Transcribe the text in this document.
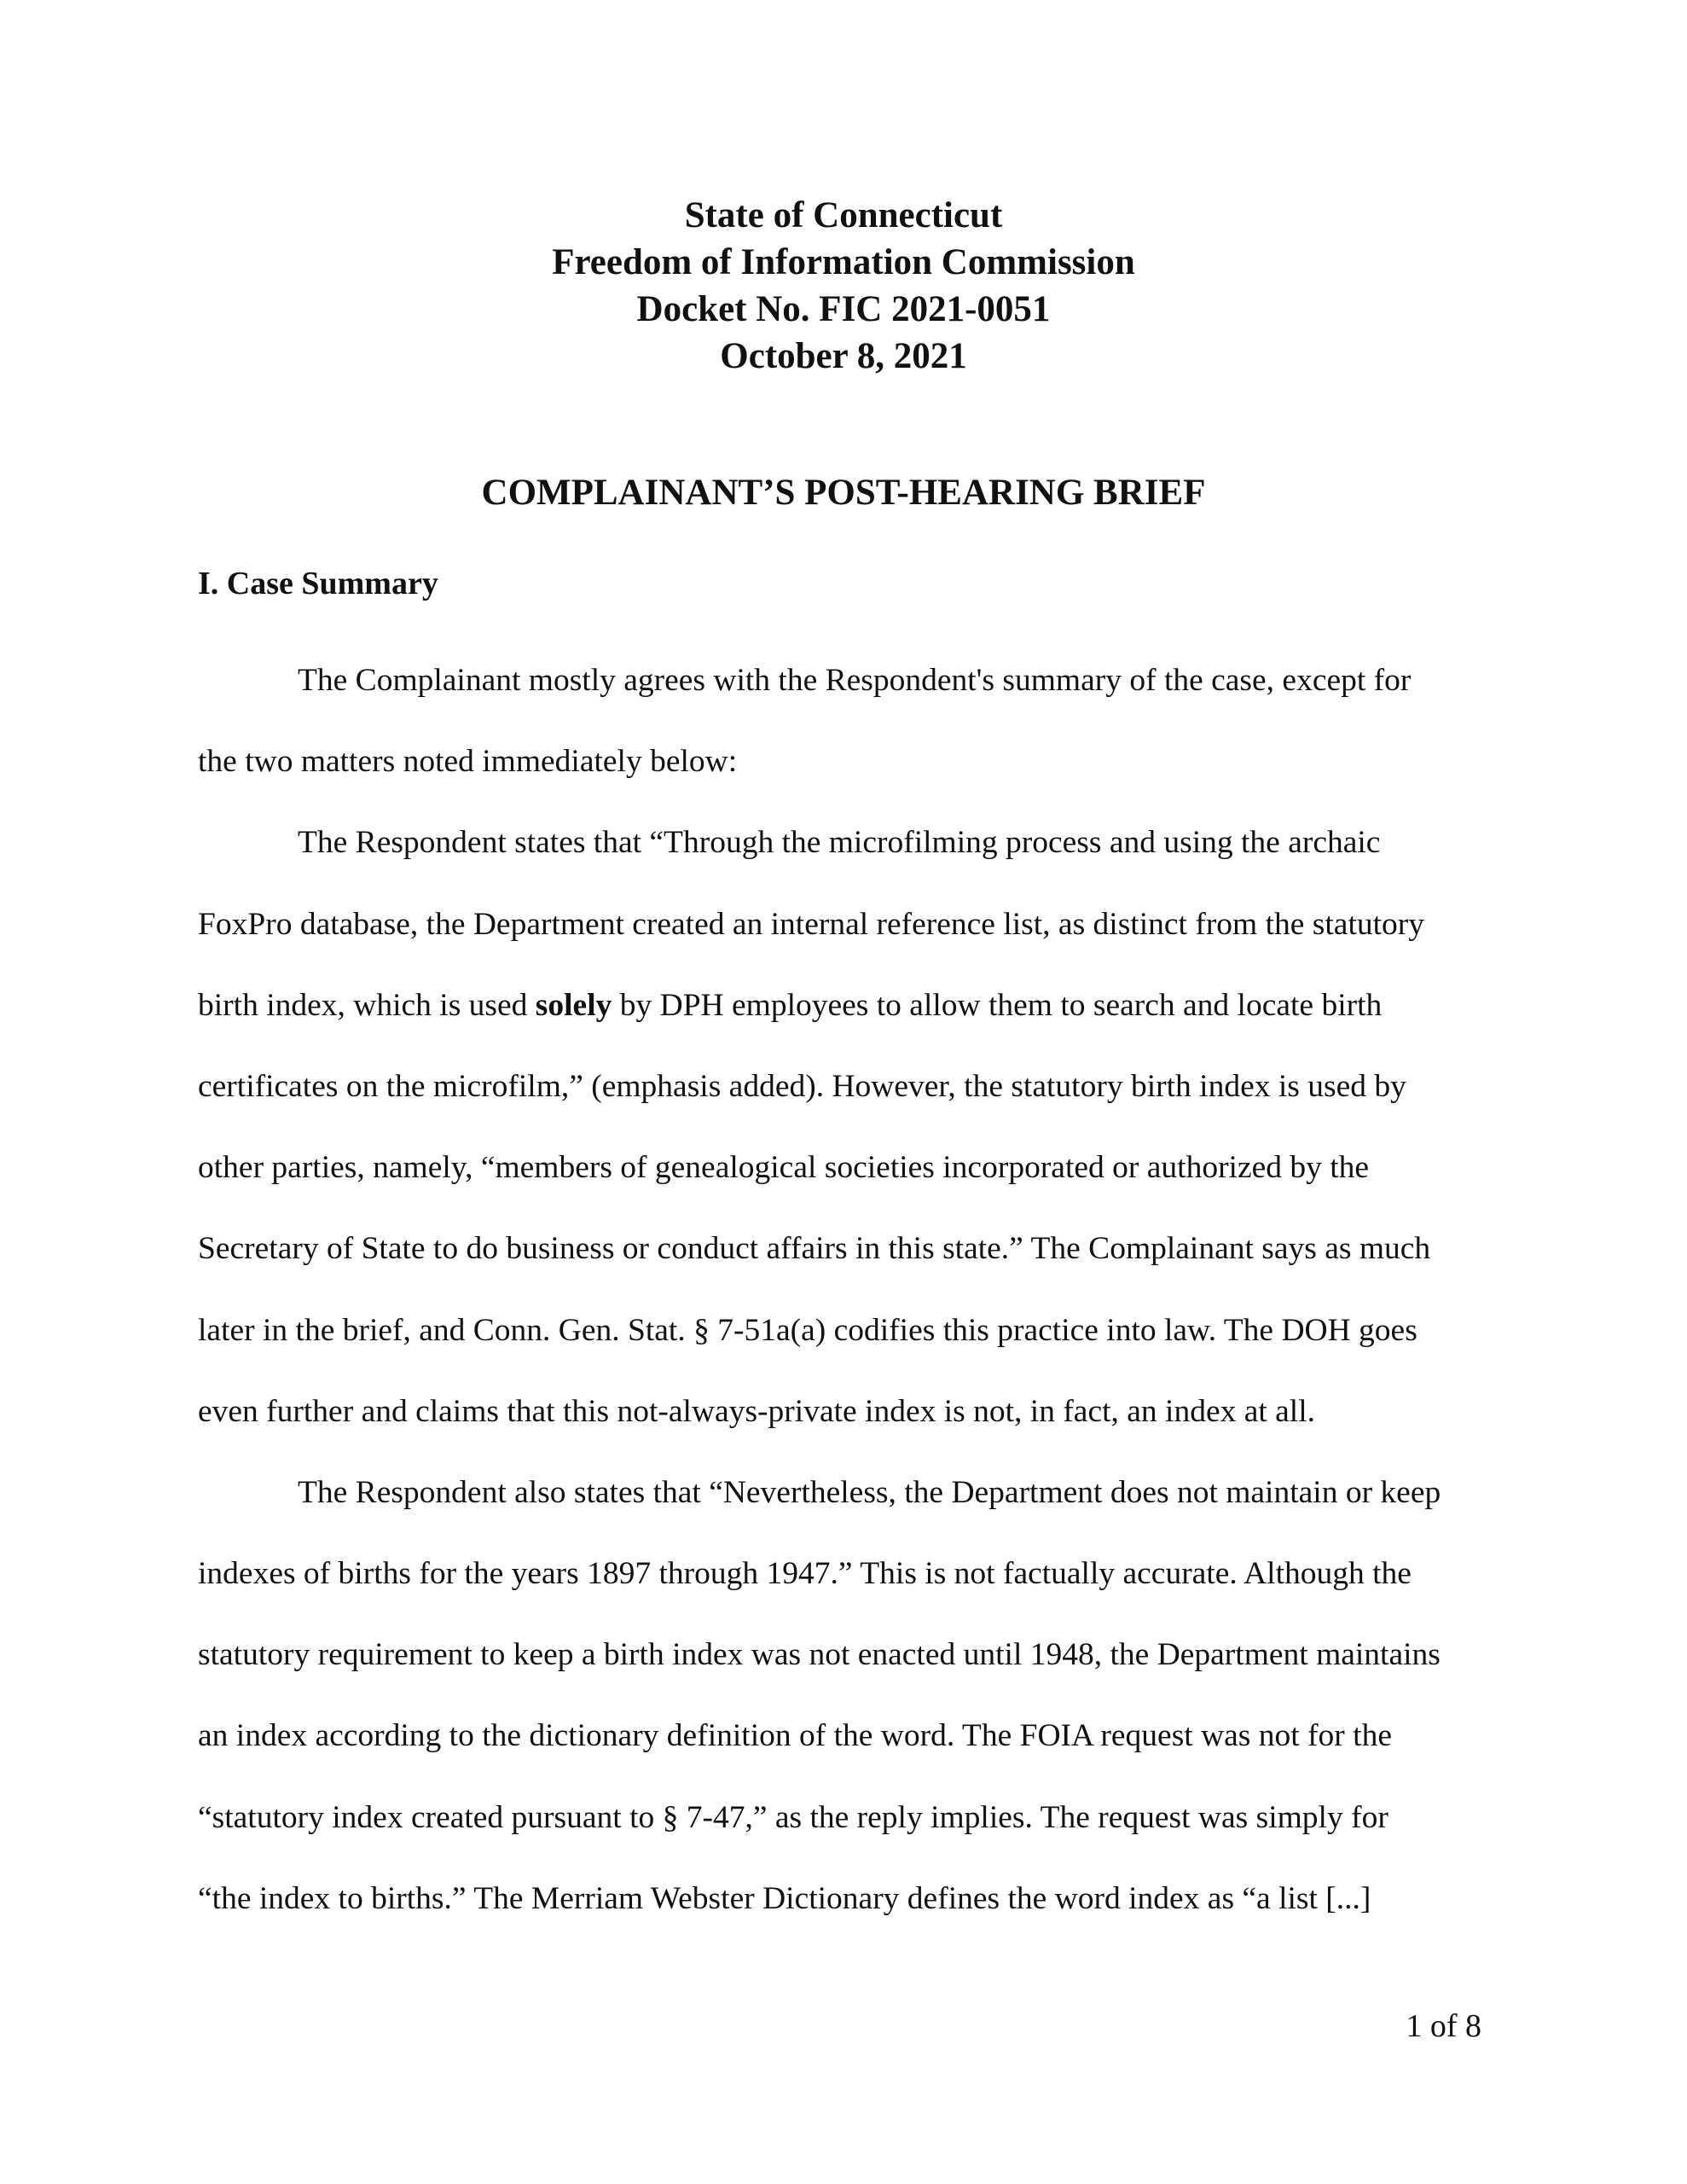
State of Connecticut
Freedom of Information Commission
Docket No. FIC 2021-0051
October 8, 2021
COMPLAINANT’S POST-HEARING BRIEF
I. Case Summary
The Complainant mostly agrees with the Respondent's summary of the case, except for
the two matters noted immediately below:
The Respondent states that “Through the microfilming process and using the archaic
FoxPro database, the Department created an internal reference list, as distinct from the statutory
birth index, which is used solely by DPH employees to allow them to search and locate birth
certificates on the microfilm,” (emphasis added). However, the statutory birth index is used by
other parties, namely, “members of genealogical societies incorporated or authorized by the
Secretary of State to do business or conduct affairs in this state.” The Complainant says as much
later in the brief, and Conn. Gen. Stat. § 7-51a(a) codifies this practice into law. The DOH goes
even further and claims that this not-always-private index is not, in fact, an index at all.
The Respondent also states that “Nevertheless, the Department does not maintain or keep
indexes of births for the years 1897 through 1947.” This is not factually accurate. Although the
statutory requirement to keep a birth index was not enacted until 1948, the Department maintains
an index according to the dictionary definition of the word. The FOIA request was not for the
“statutory index created pursuant to § 7-47,” as the reply implies. The request was simply for
“the index to births.” The Merriam Webster Dictionary defines the word index as “a list [...]
1 of 8
